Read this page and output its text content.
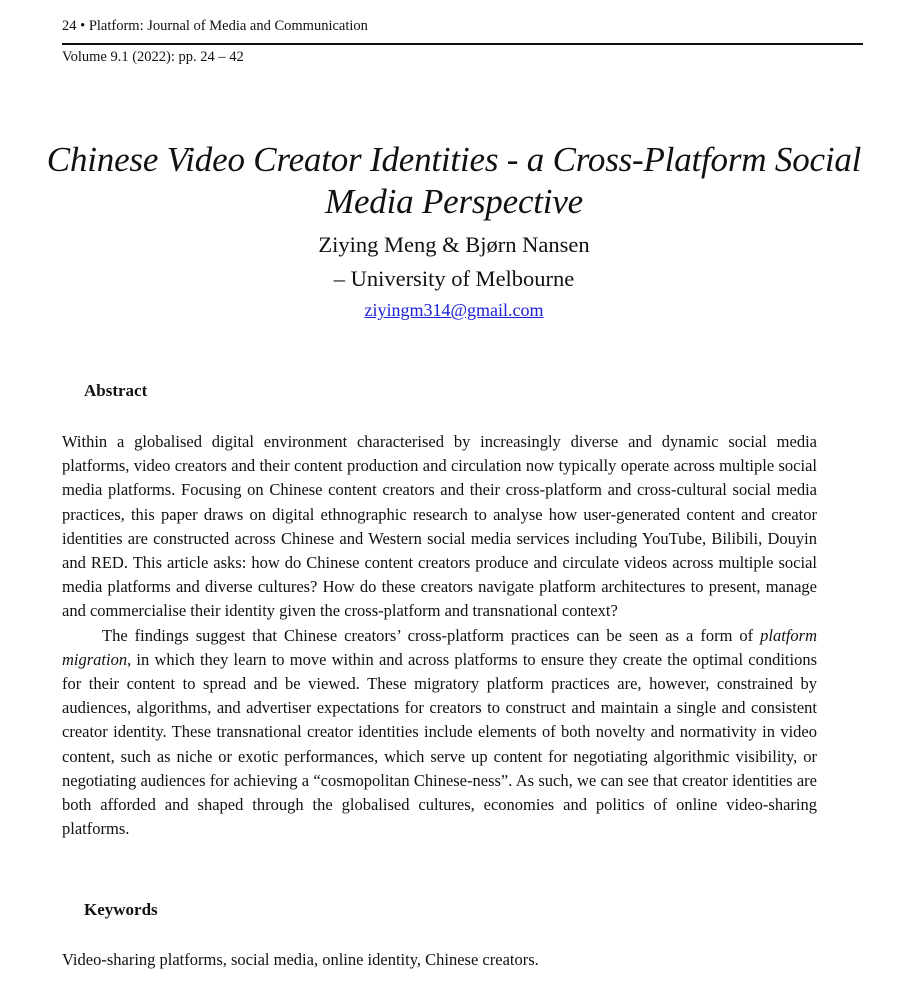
24 • Platform: Journal of Media and Communication
Volume 9.1 (2022): pp. 24 – 42
Chinese Video Creator Identities - a Cross-Platform Social Media Perspective
Ziying Meng & Bjørn Nansen
– University of Melbourne
ziyingm314@gmail.com
Abstract

Within a globalised digital environment characterised by increasingly diverse and dynamic social media platforms, video creators and their content production and circulation now typically operate across multiple social media platforms. Focusing on Chinese content creators and their cross-platform and cross-cultural social media practices, this paper draws on digital ethnographic research to analyse how user-generated content and creator identities are constructed across Chinese and Western social media services including YouTube, Bilibili, Douyin and RED. This article asks: how do Chinese content creators produce and circulate videos across multiple social media platforms and diverse cultures? How do these creators navigate platform architectures to present, manage and commercialise their identity given the cross-platform and transnational context?

The findings suggest that Chinese creators’ cross-platform practices can be seen as a form of platform migration, in which they learn to move within and across platforms to ensure they create the optimal conditions for their content to spread and be viewed. These migratory platform practices are, however, constrained by audiences, algorithms, and advertiser expectations for creators to construct and maintain a single and consistent creator identity. These transnational creator identities include elements of both novelty and normativity in video content, such as niche or exotic performances, which serve up content for negotiating algorithmic visibility, or negotiating audiences for achieving a “cosmopolitan Chinese-ness”. As such, we can see that creator identities are both afforded and shaped through the globalised cultures, economies and politics of online video-sharing platforms.

Keywords
Video-sharing platforms, social media, online identity, Chinese creators.
